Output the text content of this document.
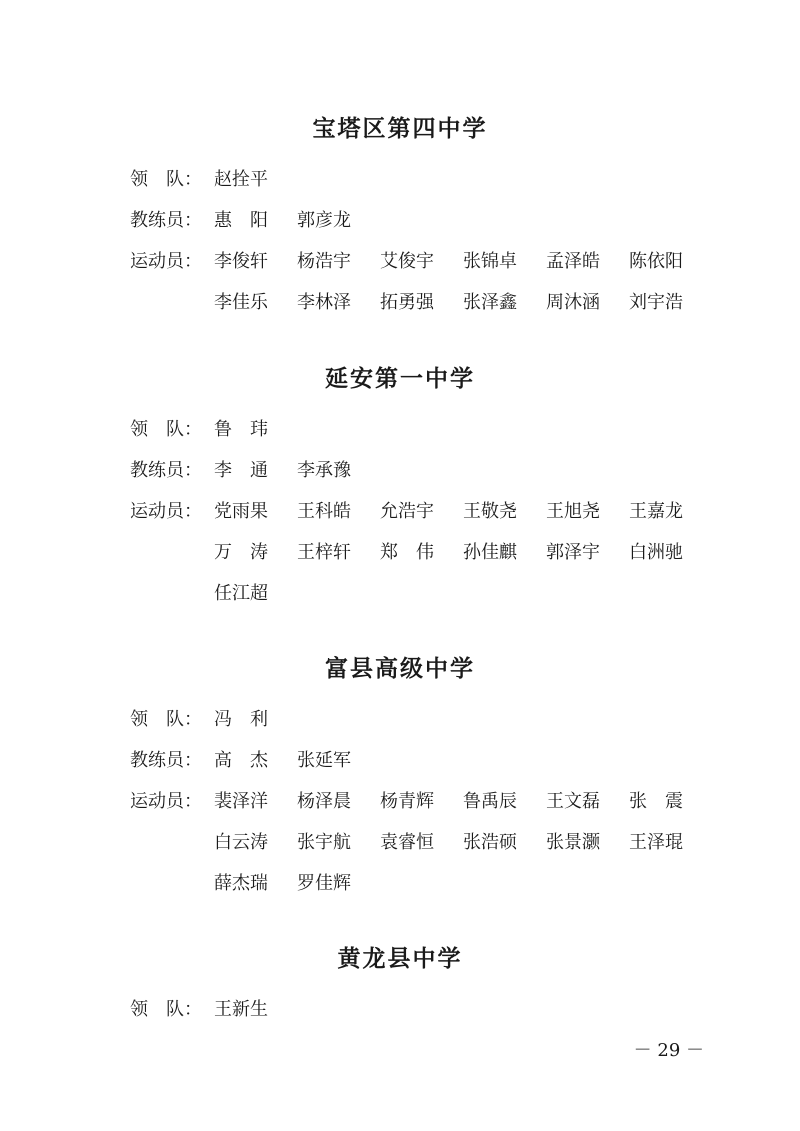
宝塔区第四中学
领　队： 赵拴平
教练员： 惠　阳 郭彦龙
运动员： 李俊轩 杨浩宇 艾俊宇 张锦卓 孟泽皓 陈依阳
李佳乐 李林泽 拓勇强 张泽鑫 周沐涵 刘宇浩
延安第一中学
领　队： 鲁　玮
教练员： 李　通 李承豫
运动员： 党雨果 王科皓 允浩宇 王敬尧 王旭尧 王嘉龙
万　涛 王梓轩 郑　伟 孙佳麒 郭泽宇 白洲驰
任江超
富县高级中学
领　队： 冯　利
教练员： 高　杰 张延军
运动员： 裴泽洋 杨泽晨 杨青辉 鲁禹辰 王文磊 张　震
白云涛 张宇航 袁睿恒 张浩硕 张景灏 王泽琨
薛杰瑞 罗佳辉
黄龙县中学
领　队： 王新生
－ 29 －
